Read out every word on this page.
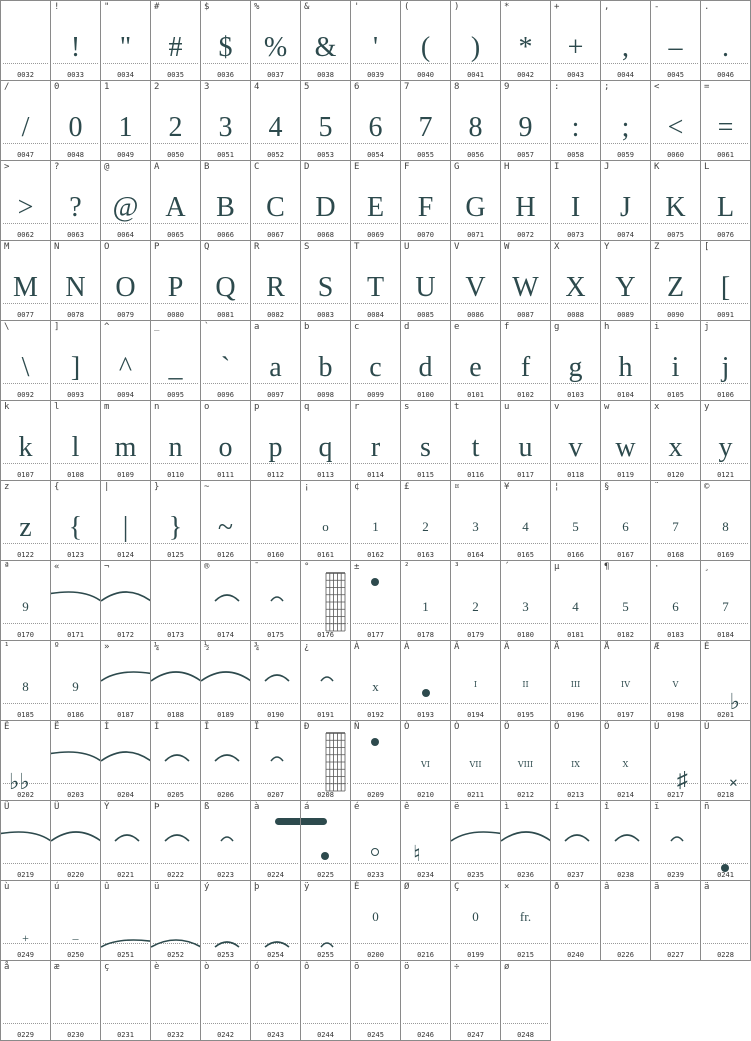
0032
!
!
0033
"
"
0034
#
#
0035
$
$
0036
%
%
0037
&
&
0038
'
'
0039
(
(
0040
)
)
0041
*
*
0042
+
+
0043
,
,
0044
-
–
0045
.
.
0046
/
/
0047
0
0
0048
1
1
0049
2
2
0050
3
3
0051
4
4
0052
5
5
0053
6
6
0054
7
7
0055
8
8
0056
9
9
0057
:
:
0058
;
;
0059
<
<
0060
=
=
0061
>
>
0062
?
?
0063
@
@
0064
A
A
0065
B
B
0066
C
C
0067
D
D
0068
E
E
0069
F
F
0070
G
G
0071
H
H
0072
I
I
0073
J
J
0074
K
K
0075
L
L
0076
M
M
0077
N
N
0078
O
O
0079
P
P
0080
Q
Q
0081
R
R
0082
S
S
0083
T
T
0084
U
U
0085
V
V
0086
W
W
0087
X
X
0088
Y
Y
0089
Z
Z
0090
[
[
0091
\
\
0092
]
]
0093
^
^
0094
_
_
0095
`
`
0096
a
a
0097
b
b
0098
c
c
0099
d
d
0100
e
e
0101
f
f
0102
g
g
0103
h
h
0104
i
i
0105
j
j
0106
k
k
0107
l
l
0108
m
m
0109
n
n
0110
o
o
0111
p
p
0112
q
q
0113
r
r
0114
s
s
0115
t
t
0116
u
u
0117
v
v
0118
w
w
0119
x
x
0120
y
y
0121
z
z
0122
{
{
0123
|
|
0124
}
}
0125
~
~
0126	0160
¡
o
0161
¢
1
0162
£
2
0163
¤
3
0164
¥
4
0165
¦
5
0166
§
6
0167
¨
7
0168
©
8
0169
ª
9
0170
«
0171
¬
0172	0173
®
0174
¯
0175
°
0176
±
0177
²
1
0178
³
2
0179
´
3
0180
µ
4
0181
¶
5
0182
·
6
0183
¸
7
0184
¹
8
0185
º
9
0186
»
0187
¼
0188
½
0189
¾
0190
¿
0191
À
x
0192
Á
0193
Â
I
0194
Ã
II
0195
Ä
III
0196
Å
IV
0197
Æ
V
0198
É
♭
0201
Ê
♭♭
0202
Ë
0203
Ì
0204
Í
0205
Î
0206
Ï
0207
Ð
0208
Ñ
0209
Ò
VI
0210
Ó
VII
0211
Ô
VIII
0212
Õ
IX
0213
Ö
X
0214
Ù
♯
0217
Ú
×
0218
Û
0219
Ü
0220
Ý
0221
Þ
0222
ß
0223
à
0224
á
0225
é
0233
ê
♮
0234
ë
0235
ì
0236
í
0237
î
0238
ï
0239
ñ
0241
ù
+
0249
ú
–
0250
û
0251
ü
0252
ý
0253
þ
0254
ÿ
0255
È
0
0200
Ø
0216
Ç
0
0199
×
fr.
0215
ð
0240
â
0226
ã
0227
ä
0228
å
0229
æ
0230
ç
0231
è
0232
ò
0242
ó
0243
ô
0244
õ
0245
ö
0246
÷
0247
ø
0248
